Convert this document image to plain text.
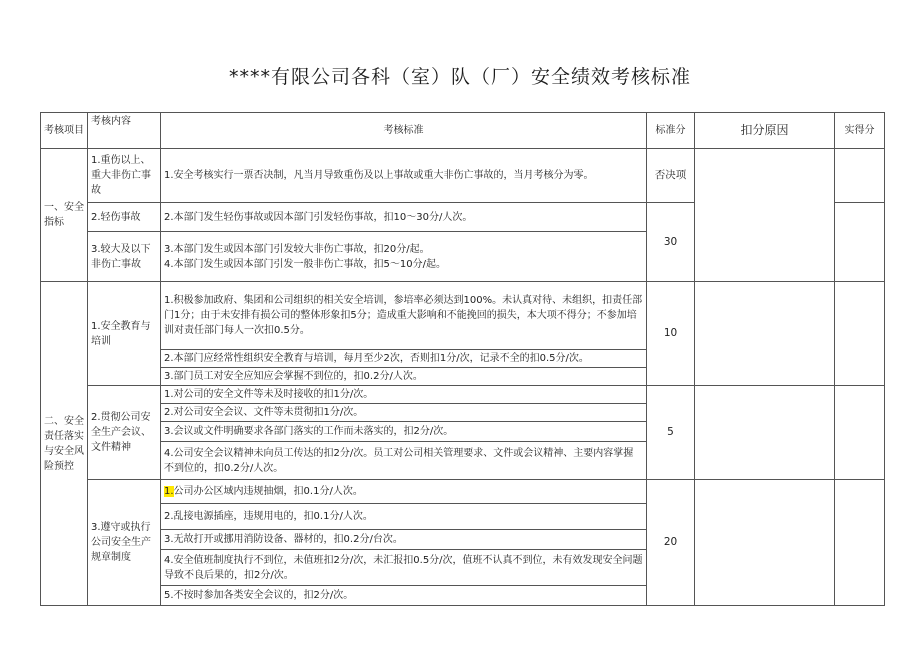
****有限公司各科（室）队（厂）安全绩效考核标准
考核项目	考核内容	考核标准	标准分	扣分原因	实得分
一、安全指标	1.重伤以上、重大非伤亡事故	1.安全考核实行一票否决制，凡当月导致重伤及以上事故或重大非伤亡事故的，当月考核分为零。	否决项		
	2.轻伤事故	2.本部门发生轻伤事故或因本部门引发轻伤事故，扣10～30分/人次。	30		
	3.较大及以下非伤亡事故	3.本部门发生或因本部门引发较大非伤亡事故，扣20分/起。
4.本部门发生或因本部门引发一般非伤亡事故，扣5～10分/起。			

二、安全责任落实与安全风险预控	1.安全教育与培训	1.积极参加政府、集团和公司组织的相关安全培训，参培率必须达到100%。未认真对待、未组织，扣责任部门1分；由于未安排有损公司的整体形象扣5分；造成重大影响和不能挽回的损失，本大项不得分；不参加培训对责任部门每人一次扣0.5分。	10		
		2.本部门应经常性组织安全教育与培训，每月至少2次，否则扣1分/次，记录不全的扣0.5分/次。			
		3.部门员工对安全应知应会掌握不到位的，扣0.2分/人次。			
	2.贯彻公司安全生产会议、文件精神	1.对公司的安全文件等未及时接收的扣1分/次。	5		
		2.对公司安全会议、文件等未贯彻扣1分/次。			
		3.会议或文件明确要求各部门落实的工作而未落实的，扣2分/次。			
		4.公司安全会议精神未向员工传达的扣2分/次。员工对公司相关管理要求、文件或会议精神、主要内容掌握不到位的，扣0.2分/人次。			
	3.遵守或执行公司安全生产规章制度	1.公司办公区域内违规抽烟，扣0.1分/人次。	20		
		2.乱接电源插座，违规用电的，扣0.1分/人次。			
		3.无故打开或挪用消防设备、器材的，扣0.2分/台次。			
		4.安全值班制度执行不到位，未值班扣2分/次，未汇报扣0.5分/次，值班不认真不到位，未有效发现安全问题导致不良后果的，扣2分/次。			
		5.不按时参加各类安全会议的，扣2分/次。			
